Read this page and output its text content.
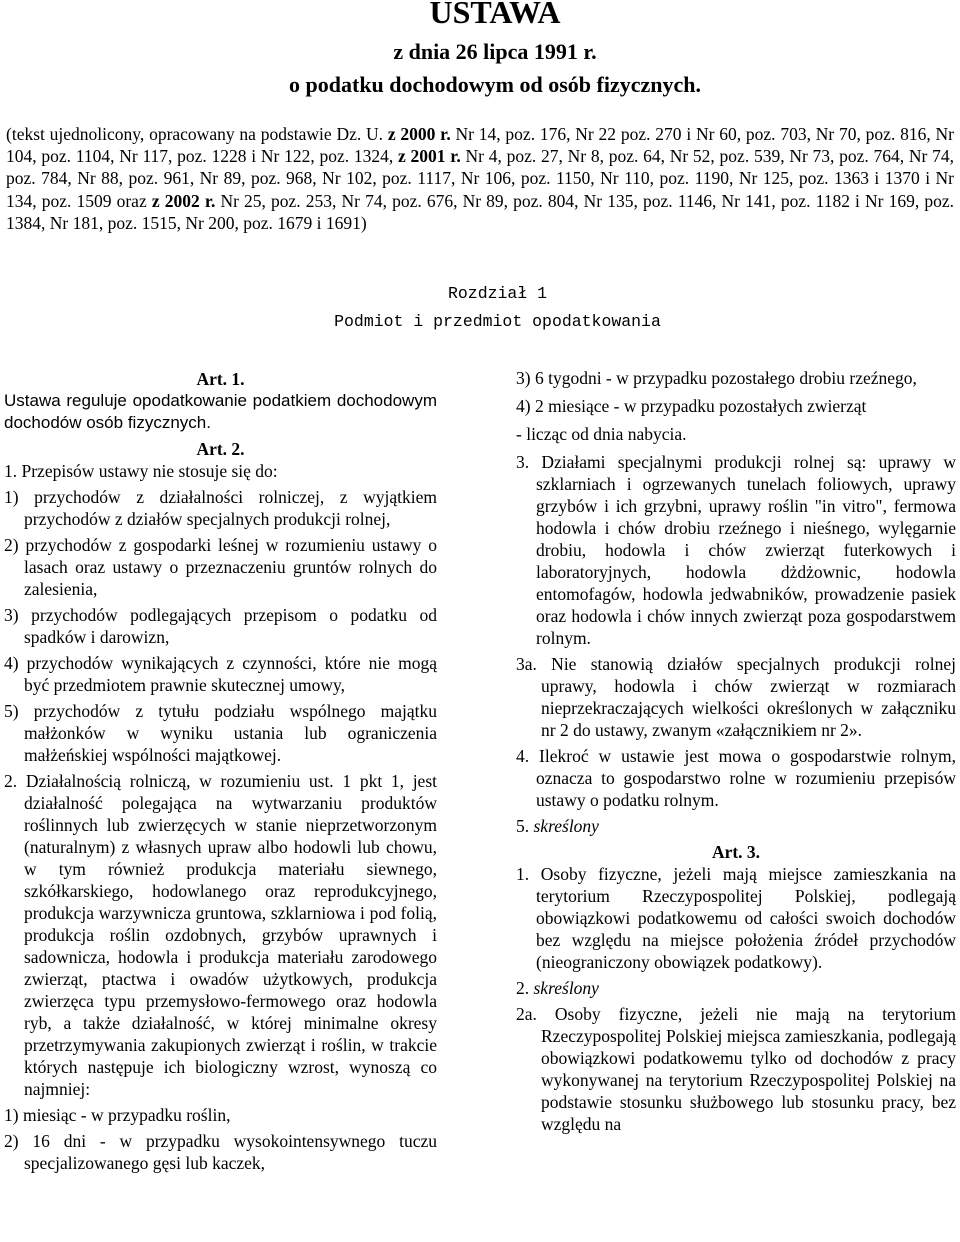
USTAWA
z dnia 26 lipca 1991 r.
o podatku dochodowym od osób fizycznych.
(tekst ujednolicony, opracowany na podstawie Dz. U. z 2000 r. Nr 14, poz. 176, Nr 22 poz. 270 i Nr 60, poz. 703, Nr 70, poz. 816, Nr 104, poz. 1104, Nr 117, poz. 1228 i Nr 122, poz. 1324, z 2001 r. Nr 4, poz. 27, Nr 8, poz. 64, Nr 52, poz. 539, Nr 73, poz. 764, Nr 74, poz. 784, Nr 88, poz. 961, Nr 89, poz. 968, Nr 102, poz. 1117, Nr 106, poz. 1150, Nr 110, poz. 1190, Nr 125, poz. 1363 i 1370 i Nr 134, poz. 1509 oraz z 2002 r. Nr 25, poz. 253, Nr 74, poz. 676, Nr 89, poz. 804, Nr 135, poz. 1146, Nr 141, poz. 1182 i Nr 169, poz. 1384, Nr 181, poz. 1515, Nr 200, poz. 1679 i 1691)
Rozdział 1
Podmiot i przedmiot opodatkowania

Art. 1.

Ustawa reguluje opodatkowanie podatkiem dochodowym dochodów osób fizycznych.

Art. 2.

1. Przepisów ustawy nie stosuje się do:

1) przychodów z działalności rolniczej, z wyjątkiem przychodów z działów specjalnych produkcji rolnej,

2) przychodów z gospodarki leśnej w rozumieniu ustawy o lasach oraz ustawy o przeznaczeniu gruntów rolnych do zalesienia,

3) przychodów podlegających przepisom o podatku od spadków i darowizn,

4) przychodów wynikających z czynności, które nie mogą być przedmiotem prawnie skutecznej umowy,

5) przychodów z tytułu podziału wspólnego majątku małżonków w wyniku ustania lub ograniczenia małżeńskiej wspólności majątkowej.

2. Działalnością rolniczą, w rozumieniu ust. 1 pkt 1, jest działalność polegająca na wytwarzaniu produktów roślinnych lub zwierzęcych w stanie nieprzetworzonym (naturalnym) z własnych upraw albo hodowli lub chowu, w tym również produkcja materiału siewnego, szkółkarskiego, hodowlanego oraz reprodukcyjnego, produkcja warzywnicza gruntowa, szklarniowa i pod folią, produkcja roślin ozdobnych, grzybów uprawnych i sadownicza, hodowla i produkcja materiału zarodowego zwierząt, ptactwa i owadów użytkowych, produkcja zwierzęca typu przemysłowo-fermowego oraz hodowla ryb, a także działalność, w której minimalne okresy przetrzymywania zakupionych zwierząt i roślin, w trakcie których następuje ich biologiczny wzrost, wynoszą co najmniej:

1) miesiąc - w przypadku roślin,

2) 16 dni - w przypadku wysokointensywnego tuczu specjalizowanego gęsi lub kaczek,

3) 6 tygodni - w przypadku pozostałego drobiu rzeźnego,

4) 2 miesiące - w przypadku pozostałych zwierząt

- licząc od dnia nabycia.

3. Działami specjalnymi produkcji rolnej są: uprawy w szklarniach i ogrzewanych tunelach foliowych, uprawy grzybów i ich grzybni, uprawy roślin "in vitro", fermowa hodowla i chów drobiu rzeźnego i nieśnego, wylęgarnie drobiu, hodowla i chów zwierząt futerkowych i laboratoryjnych, hodowla dżdżownic, hodowla entomofagów, hodowla jedwabników, prowadzenie pasiek oraz hodowla i chów innych zwierząt poza gospodarstwem rolnym.

3a. Nie stanowią działów specjalnych produkcji rolnej uprawy, hodowla i chów zwierząt w rozmiarach nieprzekraczających wielkości określonych w załączniku nr 2 do ustawy, zwanym «załącznikiem nr 2».

4. Ilekroć w ustawie jest mowa o gospodarstwie rolnym, oznacza to gospodarstwo rolne w rozumieniu przepisów ustawy o podatku rolnym.

5. skreślony

Art. 3.

1. Osoby fizyczne, jeżeli mają miejsce zamieszkania na terytorium Rzeczypospolitej Polskiej, podlegają obowiązkowi podatkowemu od całości swoich dochodów bez względu na miejsce położenia źródeł przychodów (nieograniczony obowiązek podatkowy).

2. skreślony

2a. Osoby fizyczne, jeżeli nie mają na terytorium Rzeczypospolitej Polskiej miejsca zamieszkania, podlegają obowiązkowi podatkowemu tylko od dochodów z pracy wykonywanej na terytorium Rzeczypospolitej Polskiej na podstawie stosunku służbowego lub stosunku pracy, bez względu na
